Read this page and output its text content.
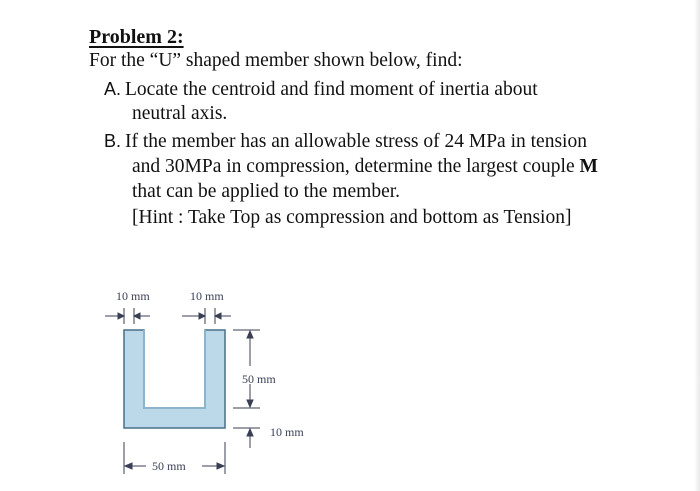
Problem 2:

For the “U” shaped member shown below, find:

A. Locate the centroid and find moment of inertia about

neutral axis.

B. If the member has an allowable stress of 24 MPa in tension

and 30MPa in compression, determine the largest couple M

that can be applied to the member.

[Hint : Take Top as compression and bottom as Tension]

10 mm	10 mm
50 mm
10 mm
50 mm
